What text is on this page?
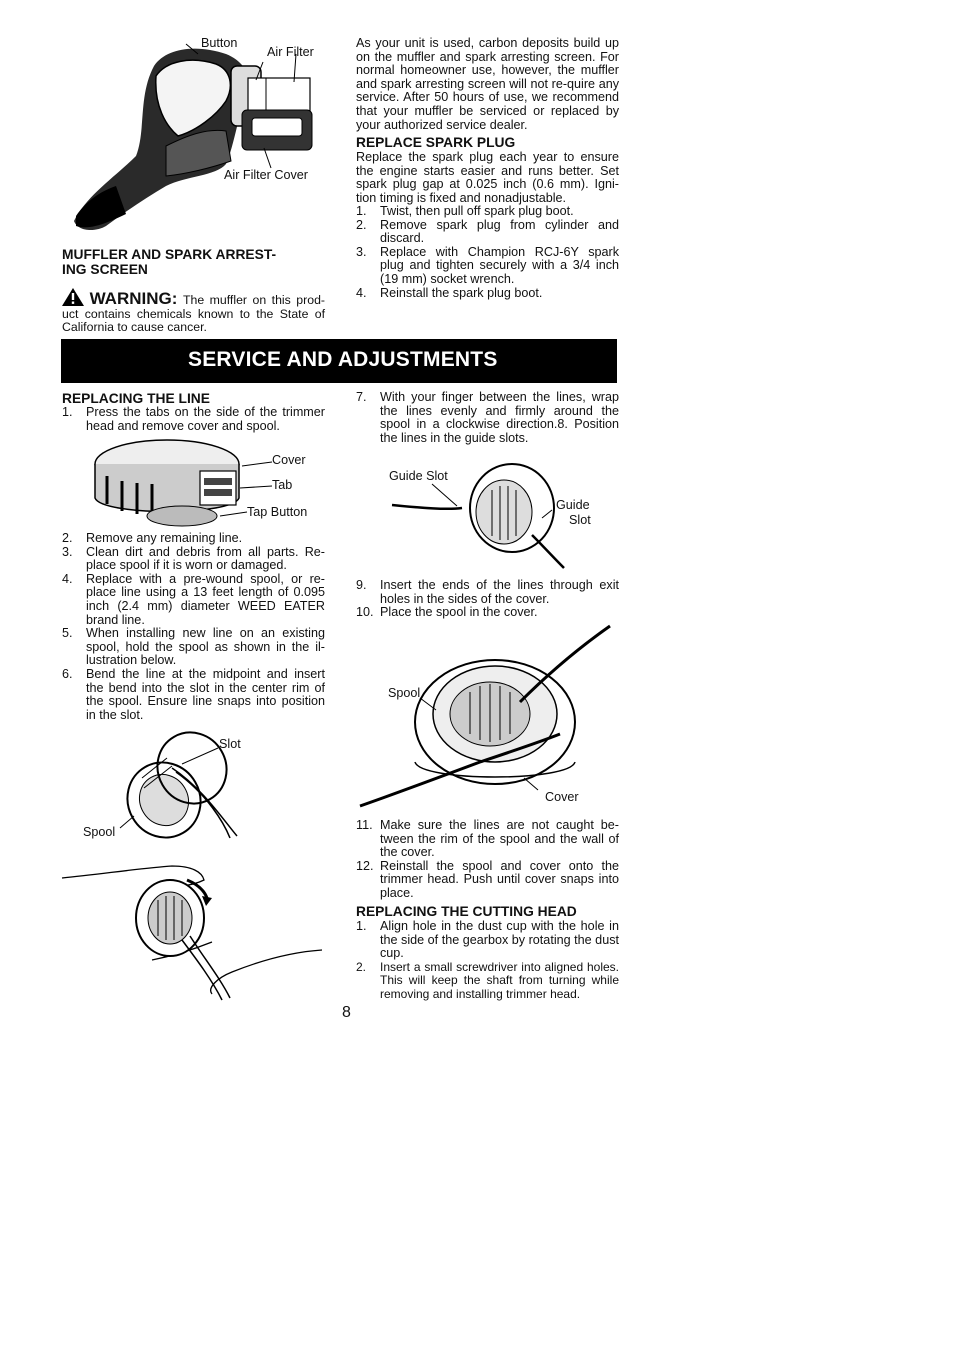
Button
Air Filter
Air Filter Cover
MUFFLER AND SPARK ARREST-
ING SCREEN
WARNING: The muffler on this prod-uct contains chemicals known to the State of California to cause cancer.
As your unit is used, carbon deposits build up on the muffler and spark arresting screen. For normal homeowner use, however, the muffler and spark arresting screen will not re-quire any service. After 50 hours of use, we recommend that your muffler be serviced or replaced by your authorized service dealer.
REPLACE SPARK PLUG
Replace the spark plug each year to ensure the engine starts easier and runs better. Set spark plug gap at 0.025 inch (0.6 mm). Igni-tion timing is fixed and nonadjustable.
1. Twist, then pull off spark plug boot.
2. Remove spark plug from cylinder and discard.
3. Replace with Champion RCJ-6Y spark plug and tighten securely with a 3/4 inch (19 mm) socket wrench.
4. Reinstall the spark plug boot.
SERVICE AND ADJUSTMENTS
REPLACING THE LINE
1. Press the tabs on the side of the trimmer head and remove cover and spool.
Cover
Tab
Tap Button
2. Remove any remaining line.
3. Clean dirt and debris from all parts. Re-place spool if it is worn or damaged.
4. Replace with a pre-wound spool, or re-place line using a 13 feet length of 0.095 inch (2.4 mm) diameter WEED EATER brand line.
5. When installing new line on an existing spool, hold the spool as shown in the il-lustration below.
6. Bend the line at the midpoint and insert the bend into the slot in the center rim of the spool. Ensure line snaps into position in the slot.
Slot
Spool
7. With your finger between the lines, wrap the lines evenly and firmly around the spool in a clockwise direction.8. Position the lines in the guide slots.
Guide Slot
Guide
Slot
9. Insert the ends of the lines through exit holes in the sides of the cover.
10. Place the spool in the cover.
Spool
Cover
11. Make sure the lines are not caught be-tween the rim of the spool and the wall of the cover.
12. Reinstall the spool and cover onto the trimmer head. Push until cover snaps into place.
REPLACING THE CUTTING HEAD
1. Align hole in the dust cup with the hole in the side of the gearbox by rotating the dust cup.
2. Insert a small screwdriver into aligned holes. This will keep the shaft from turning while removing and installing trimmer head.
8
